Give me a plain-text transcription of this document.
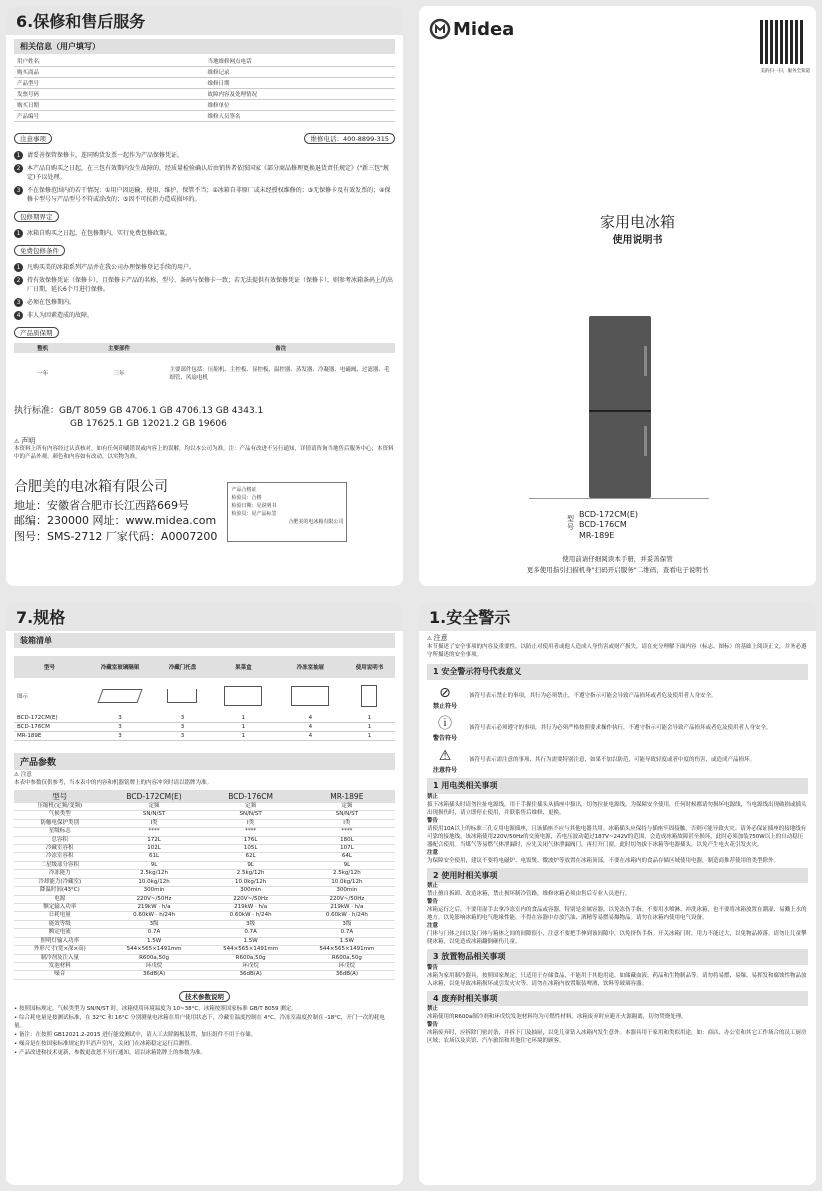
6.保修和售后服务
相关信息（用户填写）
用户姓名		当地维修网点电话	
购买商品		维修记录	
产品型号		维修日期	
发票号码		故障内容及处理情况	
购买日期		维修单位	
产品编号		维修人员签名	
注意事项	维修电话：400-8899-315
1	请妥善保管保修卡，连同购货发票一起作为产品保修凭证。
2	本产品自购买之日起，在三包有效期内发生故障的，经质量检验确认后由销售者依照国家《部分商品修理更换退货责任规定》("新三包"规定)予以处理。
3	不在保修范围内的若干情况：①用户因运输、使用、维护、保管不当；②冰箱自非原厂或未经授权维修的；③无保修卡及有效发票的；④保修卡型号与产品型号不符或涂改的；⑤因不可抗拒力造成损坏的。
包修期界定
1	冰箱自购买之日起，在包修期内，实行免费包修政策。
免费包修条件
1	凡购买美的冰箱系列产品并在我公司办理保修登记手续的用户。
2	持有效保修凭证（保修卡），且保修卡产品的名称、型号、条码与保修卡一致；若无法提供有效保修凭证（保修卡），则参考冰箱条码上的出厂日期，延长6个月进行保修。
3	必须在包修期内。
4	非人为因素造成的故障。
产品质保期
整机	主要部件	备注
一年	三年	主要部件包括：压缩机、主控板、显控板、温控器、蒸发器、冷凝器、电磁阀、过滤器、毛细管、风扇电机
执行标准：GB/T 8059 GB 4706.1 GB 4706.13 GB 4343.1
GB 17625.1 GB 12021.2 GB 19606
⚠ 声明
本资料上所有内容经过认真核对，如有任何印刷错误或内容上的误解，均以本公司为准。注：产品有改进不另行通知，详情请咨询当地售后服务中心；本资料中的产品外观、颜色和内容如有改动，以实物为准。
合肥美的电冰箱有限公司
地址：安徽省合肥市长江西路669号
邮编：230000 网址：www.midea.com
图号：SMS-2712 厂家代码：A0007200
产品合格证
检验员：合格
检验日期：见说明书
检验员：见产品标签
合肥美的电冰箱有限公司
Midea
美的扫一扫，服务全知道
家用电冰箱
使用说明书
型号
BCD-172CM(E)
BCD-176CM
MR-189E
使用前请仔细阅读本手册，并妥善保管
更多使用指引扫描机身"扫码开启服务"二维码，查看电子说明书
7.规格
装箱清单
型号	冷藏室玻璃隔架	冷藏门托盘	果菜盒	冷冻室抽屉	使用说明书
图示	

BCD-172CM(E)	3	3	1	4	1
BCD-176CM	3	3	1	4	1
MR-189E	3	3	1	4	1
产品参数
⚠ 注意
本表中参数仅供参考，当本表中的内容和机器铭牌上的内容冲突时请以铭牌为准。
型号	BCD-172CM(E)	BCD-176CM	MR-189E
压缩机(定频/变频)	定频	定频	定频
气候类型	SN/N/ST	SN/N/ST	SN/N/ST
防触电保护类别	I类	I类	I类
星级标志	****	****	****
总容积	172L	176L	180L
冷藏室容积	102L	105L	107L
冷冻室容积	61L	62L	64L
二星级部分容积	9L	9L	9L
冷冻能力	2.5kg/12h	2.5kg/12h	2.5kg/12h
冷却能力(冷藏室)	10.0kg/12h	10.0kg/12h	10.0kg/12h
降温时间(43°C)	300min	300min	300min
电源	220V~/50Hz	220V~/50Hz	220V~/50Hz
额定输入功率	219kW · h/a	219kW · h/a	219kW · h/a
日耗电量	0.60kW · h/24h	0.60kW · h/24h	0.60kW · h/24h
能效等级	3级	3级	3级
额定电流	0.7A	0.7A	0.7A
照明灯输入功率	1.5W	1.5W	1.5W
外形尺寸(宽×深×高)	544×565×1491mm	544×565×1491mm	544×565×1491mm
制冷剂及注入量	R600a,50g	R600a,50g	R600a,50g
发泡材料	环戊烷	环戊烷	环戊烷
噪音	36dB(A)	36dB(A)	36dB(A)
技术参数说明
• 按照国标规定，气候类型为 SN/N/ST 时，冰箱使用环境温度为 10~38°C，冰箱按照国家标准 GB/T 8059 测定。
• 综合耗电量是按测试标准，在 32°C 和 16°C 分别测量电冰箱在用户使用状态下，冷藏室温度控制在 4°C，冷冻室温度控制在 -18°C，开门一次的耗电量。
• 备注：在按照 GB12021.2-2015 进行能效测试中，请人工去除隔板装置，加压组件不用于存储。
• 噪音是在按国家标准规定的半消声室内，关闭门在冰箱稳定运行后测得。
• 产品改进和技术更新，参数更改恕不另行通知，请以冰箱铭牌上的参数为准。
1.安全警示
⚠ 注意
本节描述了安全事项的内容及重要性，以防止对使用者或他人造成人身伤害或财产损失。请在充分理解下面内容（标志、图标）的基础上阅读正文，并务必遵守所描述的安全事项。
1 安全警示符号代表意义
⊘
禁止符号
该符号表示禁止的事项，其行为必须禁止，不遵守指示可能会导致产品损坏或者危及使用者人身安全。
ⓘ
警告符号
该符号表示必须遵守的事项，其行为必须严格按照要求操作执行，不遵守指示可能会导致产品损坏或者危及使用者人身安全。
⚠
注意符号
该符号表示需注意的事项，其行为需要特别注意，如果不加以防范，可能导致轻度或者中度的伤害，或造成产品损坏。
1 用电类相关事项
禁止
拔下冰箱插头时请勿拉扯电源线，用干手握住插头从插座中拔出，切勿拉扯电源线，为保障安全使用，任何时候都请勿损坏电源线，当电源线出现破损或插头出现损伤时，请立即停止使用，并联系售后维修、更换。
警告
请使用10A以上的标准三孔专用电源插座，且该插座不应与其他电器共用。冰箱插头应保持与插座牢固接触，否则可能导致火灾。请务必保证插座的接地线有可靠的接地线。该冰箱使用220V/50Hz的交流电源，若电压波动超过187V~242V的范围，会造成冰箱故障甚至损坏，此时必须加装750W以上的自动稳压器配合使用。当煤气等易燃气体泄漏时，应先关闭气体泄漏阀门，再打开门窗，此时切勿拔下冰箱等电器插头，以免产生电火花引发火灾。
注意
为保障安全使用，建议不要将电磁炉、电饭煲、微波炉等放置在冰箱顶部，不要在冰箱内的食品存储区域使用电器，制造商推荐使用的类型除外。
2 使用时相关事项
禁止
禁止擅自拆卸、改造冰箱，禁止损坏制冷管路，维修冰箱必须由售后专业人员进行。
警告
冰箱运行之后，不要用湿手去拿冷冻室内的食品或容器，特别是金属容器，以免冻伤手指。不要用水喷淋、冲洗冰箱，也不要将冰箱放置在潮湿、易溅上水的地方，以免影响冰箱的电气绝缘性能。不得在容器中存放汽油、酒精等易燃易爆物品。请勿在冰箱内使用电气设备。
注意
门体与门体之间以及门体与箱体之间的间隙很小，注意不要把手伸到该间隙中，以免挤伤手指。开关冰箱门时，用力不能过大，以免物品掉落。请勿让儿童攀爬冰箱，以免造成冰箱翻倒砸伤儿童。
3 放置物品相关事项
警告
冰箱为家用制冷器具，按照国家规定，只适用于存储食品，不能用于其他用途，如储藏血液、药品和生物制品等。请勿将易燃、易爆、易挥发和腐蚀性物品放入冰箱，以免导致冰箱损坏或引发火灾等。请勿在冰箱内放置瓶装啤酒、饮料等玻璃容器。
4 废弃时相关事项
禁止
冰箱使用的R600a制冷剂和环戊烷发泡材料均为可燃性材料，冰箱废弃时应避开火源隔离，切勿焚烧处理。
警告
冰箱废弃时，应拆除门密封条，并拆下门及抽屉，以免儿童钻入冰箱内发生意外。本器具用于家用和类似用途，如：商店、办公室和其它工作场合的员工厨房区域；农场以及宾馆、汽车旅馆和其他住宅环境的顾客。
